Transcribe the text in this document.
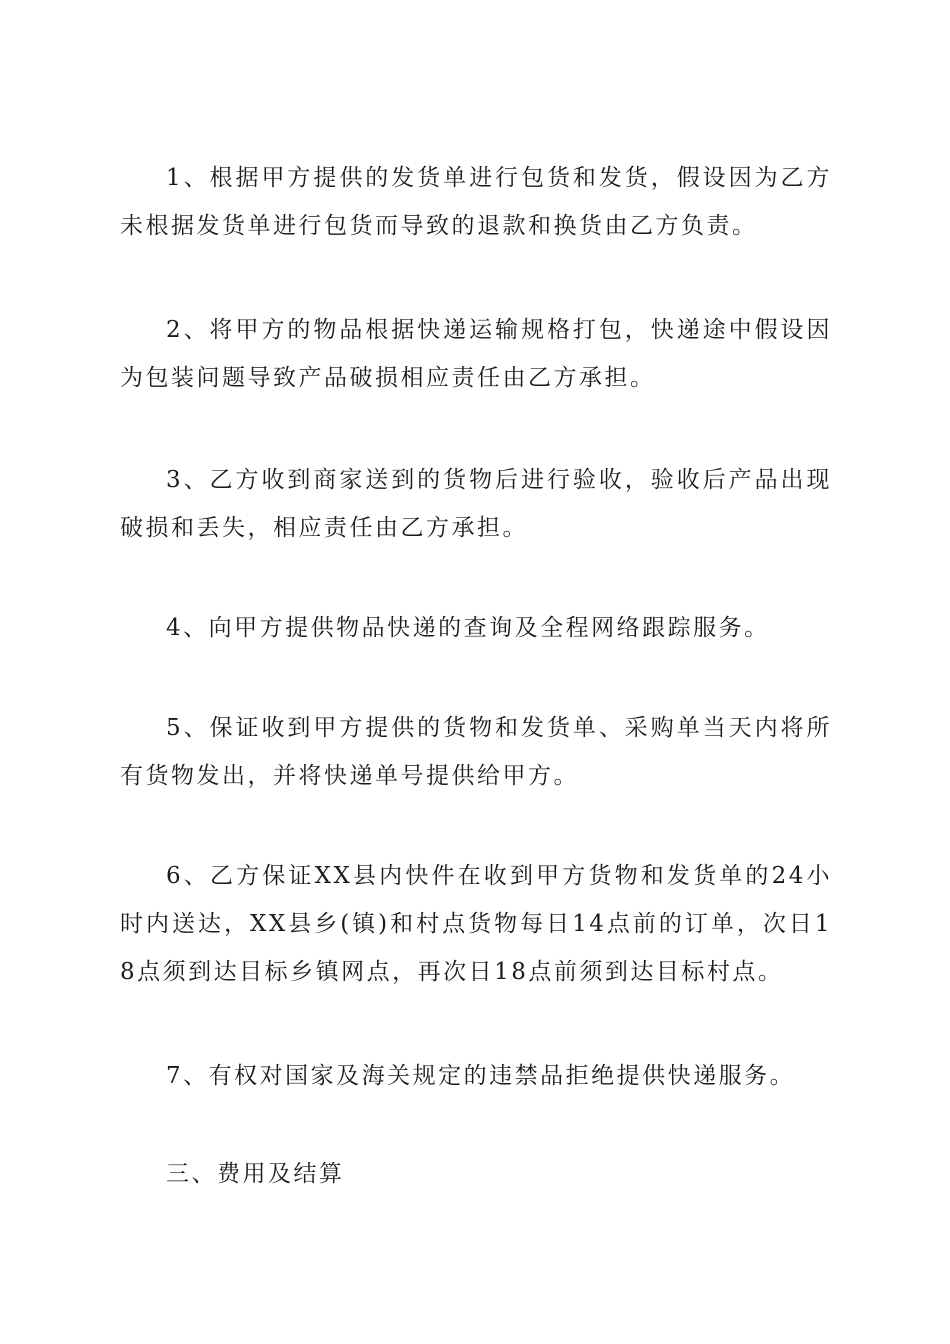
1、根据甲方提供的发货单进行包货和发货，假设因为乙方未根据发货单进行包货而导致的退款和换货由乙方负责。

2、将甲方的物品根据快递运输规格打包，快递途中假设因为包装问题导致产品破损相应责任由乙方承担。

3、乙方收到商家送到的货物后进行验收，验收后产品出现破损和丢失，相应责任由乙方承担。

4、向甲方提供物品快递的查询及全程网络跟踪服务。

5、保证收到甲方提供的货物和发货单、采购单当天内将所有货物发出，并将快递单号提供给甲方。

6、乙方保证XX县内快件在收到甲方货物和发货单的24小时内送达，XX县乡(镇)和村点货物每日14点前的订单，次日18点须到达目标乡镇网点，再次日18点前须到达目标村点。

7、有权对国家及海关规定的违禁品拒绝提供快递服务。

三、费用及结算
